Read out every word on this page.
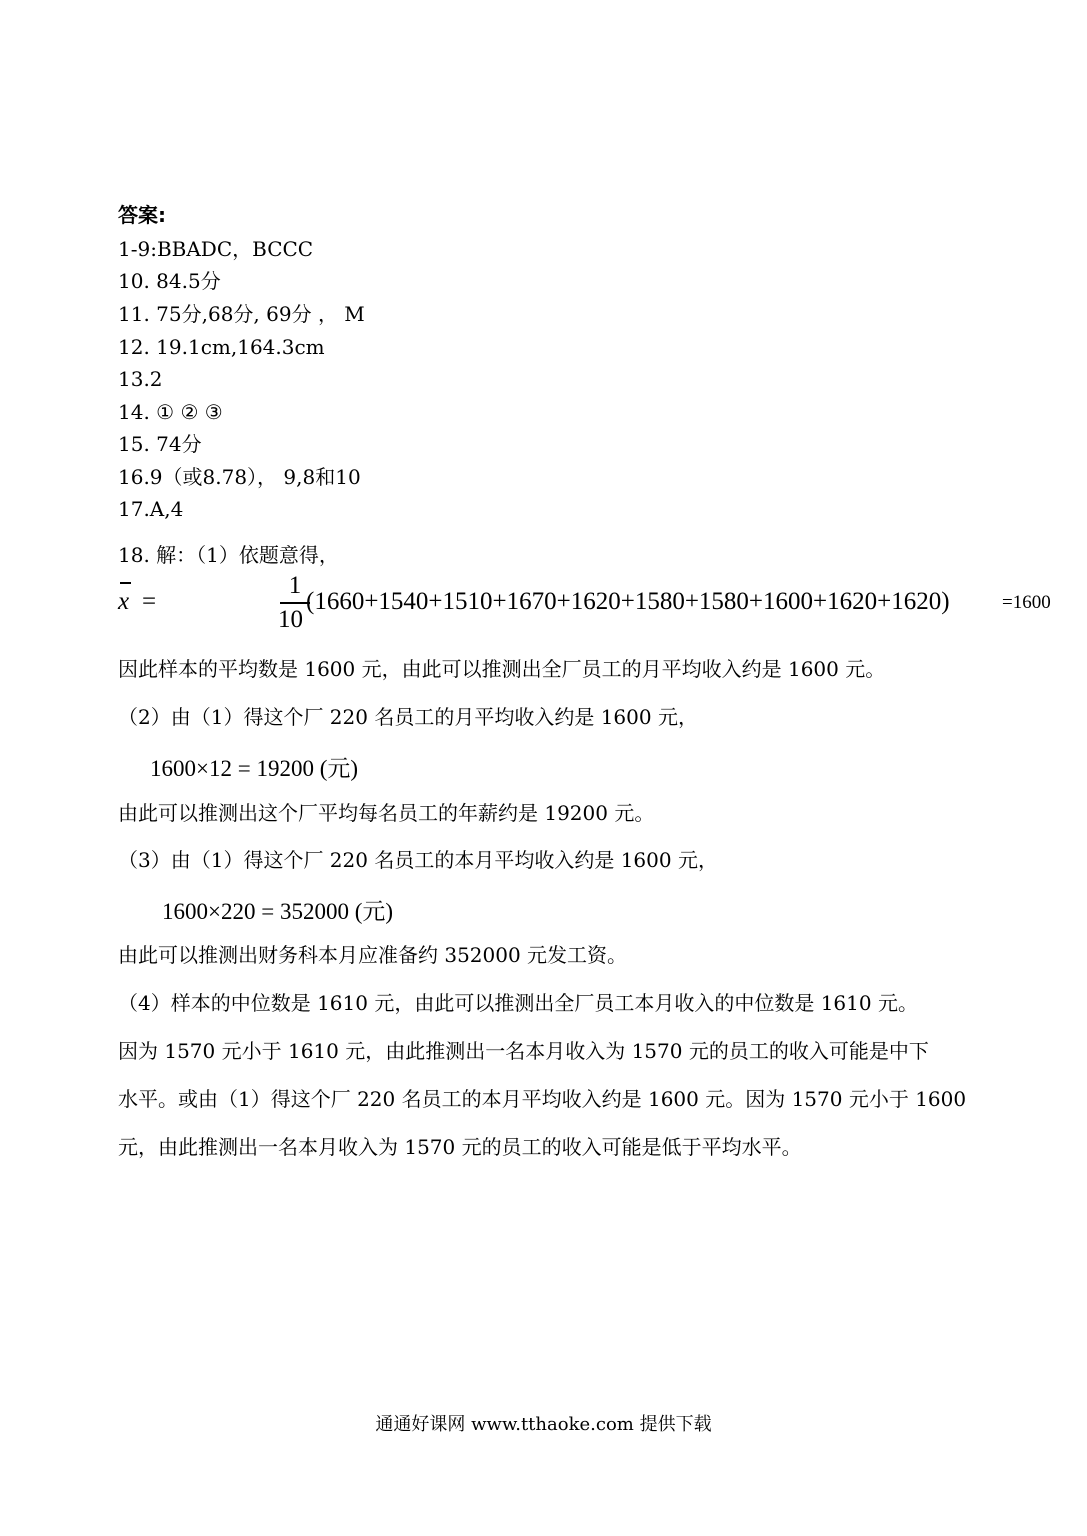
答案:
1-9:BBADC，BCCC
10. 84.5分
11. 75分,68分, 69分 ， M
12. 19.1cm,164.3cm
13.2
14. ① ② ③
15. 74分
16.9（或8.78）， 9,8和10
17.A,4
18. 解：（1）依题意得，
x =
1
10
(1660+1540+1510+1670+1620+1580+1580+1600+1620+1620)	=1600
因此样本的平均数是 1600 元，由此可以推测出全厂员工的月平均收入约是 1600 元。
（2）由（1）得这个厂 220 名员工的月平均收入约是 1600 元，
1600×12 = 19200 (元)
由此可以推测出这个厂平均每名员工的年薪约是 19200 元。
（3）由（1）得这个厂 220 名员工的本月平均收入约是 1600 元，
1600×220 = 352000 (元)
由此可以推测出财务科本月应准备约 352000 元发工资。
（4）样本的中位数是 1610 元，由此可以推测出全厂员工本月收入的中位数是 1610 元。
因为 1570 元小于 1610 元，由此推测出一名本月收入为 1570 元的员工的收入可能是中下
水平。或由（1）得这个厂 220 名员工的本月平均收入约是 1600 元。因为 1570 元小于 1600
元，由此推测出一名本月收入为 1570 元的员工的收入可能是低于平均水平。
通通好课网 www.tthaoke.com 提供下载
